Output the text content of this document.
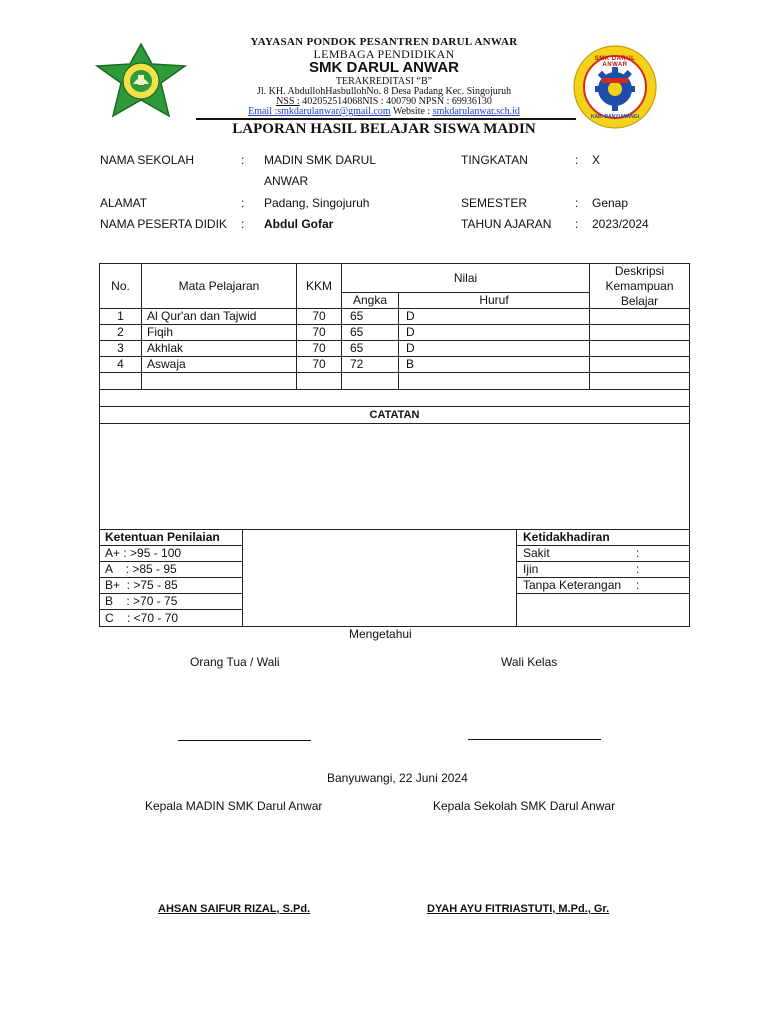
SMK DARUL ANWAR
KAB. BANYUWANGI
YAYASAN PONDOK PESANTREN DARUL ANWAR
LEMBAGA PENDIDIKAN
SMK DARUL ANWAR
TERAKREDITASI “B”
Jl. KH. AbdullohHasbullohNo. 8 Desa Padang Kec. Singojuruh
NSS : 402052514068NIS : 400790 NPSN : 69936130
Email :smkdarulanwar@gmail.com Website : smkdarulanwar.sch.id
LAPORAN HASIL BELAJAR SISWA MADIN
NAMA SEKOLAH	: MADIN SMK DARUL
ANWAR
ALAMAT	: Padang, Singojuruh
NAMA PESERTA DIDIK : Abdul Gofar
TINGKATAN	: X
SEMESTER	: Genap
TAHUN AJARAN : 2023/2024
No.	Mata Pelajaran	KKM
Nilai
Angka	Huruf
Deskripsi Kemampuan Belajar
1	Al Qur'an dan Tajwid	70	65	D
2	Fiqih	70	65	D
3	Akhlak	70	65	D
4	Aswaja	70	72	B
CATATAN
Ketentuan Penilaian
A+ : >95 - 100
A    : >85 - 95
B+  : >75 - 85
B    : >70 - 75
C    : <70 - 70
Ketidakhadiran
Sakit	:
Ijin	:
Tanpa Keterangan :
Mengetahui
Orang Tua / Wali	Wali Kelas
Banyuwangi, 22 Juni 2024
Kepala MADIN SMK Darul Anwar	Kepala Sekolah SMK Darul Anwar
AHSAN SAIFUR RIZAL, S.Pd.	DYAH AYU FITRIASTUTI, M.Pd., Gr.
